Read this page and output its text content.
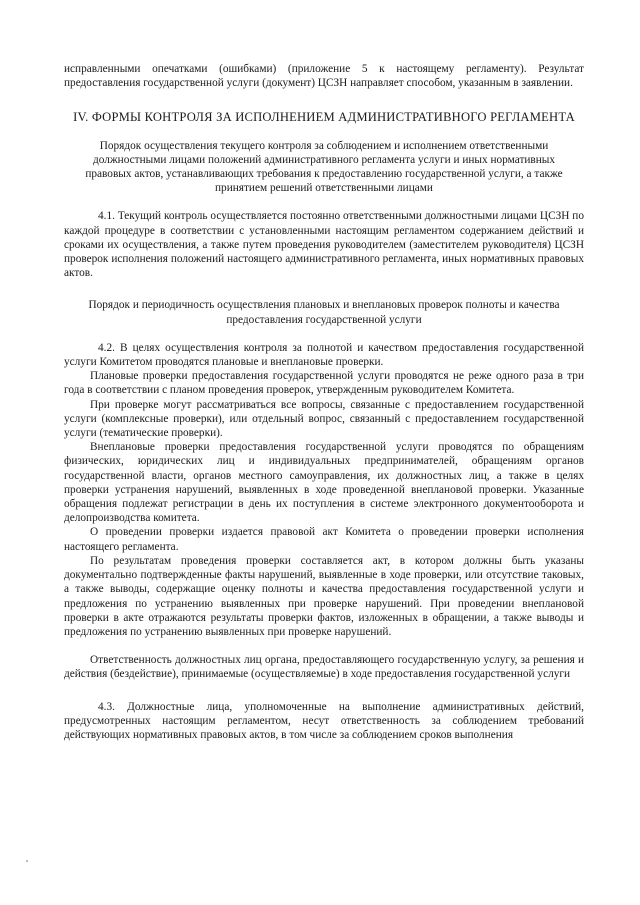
исправленными опечатками (ошибками) (приложение 5 к настоящему регламенту). Результат предоставления государственной услуги (документ) ЦСЗН направляет способом, указанным в заявлении.

IV. ФОРМЫ КОНТРОЛЯ ЗА ИСПОЛНЕНИЕМ АДМИНИСТРАТИВНОГО РЕГЛАМЕНТА

Порядок осуществления текущего контроля за соблюдением и исполнением ответственными должностными лицами положений административного регламента услуги и иных нормативных правовых актов, устанавливающих требования к предоставлению государственной услуги, а также принятием решений ответственными лицами

4.1. Текущий контроль осуществляется постоянно ответственными должностными лицами ЦСЗН по каждой процедуре в соответствии с установленными настоящим регламентом содержанием действий и сроками их осуществления, а также путем проведения руководителем (заместителем руководителя) ЦСЗН проверок исполнения положений настоящего административного регламента, иных нормативных правовых актов.

Порядок и периодичность осуществления плановых и внеплановых проверок полноты и качества предоставления государственной услуги

4.2. В целях осуществления контроля за полнотой и качеством предоставления государственной услуги Комитетом проводятся плановые и внеплановые проверки.

Плановые проверки предоставления государственной услуги проводятся не реже одного раза в три года в соответствии с планом проведения проверок, утвержденным руководителем Комитета.

При проверке могут рассматриваться все вопросы, связанные с предоставлением государственной услуги (комплексные проверки), или отдельный вопрос, связанный с предоставлением государственной услуги (тематические проверки).

Внеплановые проверки предоставления государственной услуги проводятся по обращениям физических, юридических лиц и индивидуальных предпринимателей, обращениям органов государственной власти, органов местного самоуправления, их должностных лиц, а также в целях проверки устранения нарушений, выявленных в ходе проведенной внеплановой проверки. Указанные обращения подлежат регистрации в день их поступления в системе электронного документооборота и делопроизводства комитета.

О проведении проверки издается правовой акт Комитета о проведении проверки исполнения настоящего регламента.

По результатам проведения проверки составляется акт, в котором должны быть указаны документально подтвержденные факты нарушений, выявленные в ходе проверки, или отсутствие таковых, а также выводы, содержащие оценку полноты и качества предоставления государственной услуги и предложения по устранению выявленных при проверке нарушений. При проведении внеплановой проверки в акте отражаются результаты проверки фактов, изложенных в обращении, а также выводы и предложения по устранению выявленных при проверке нарушений.

Ответственность должностных лиц органа, предоставляющего государственную услугу, за решения и действия (бездействие), принимаемые (осуществляемые) в ходе предоставления государственной услуги

4.3. Должностные лица, уполномоченные на выполнение административных действий, предусмотренных настоящим регламентом, несут ответственность за соблюдением требований действующих нормативных правовых актов, в том числе за соблюдением сроков выполнения
